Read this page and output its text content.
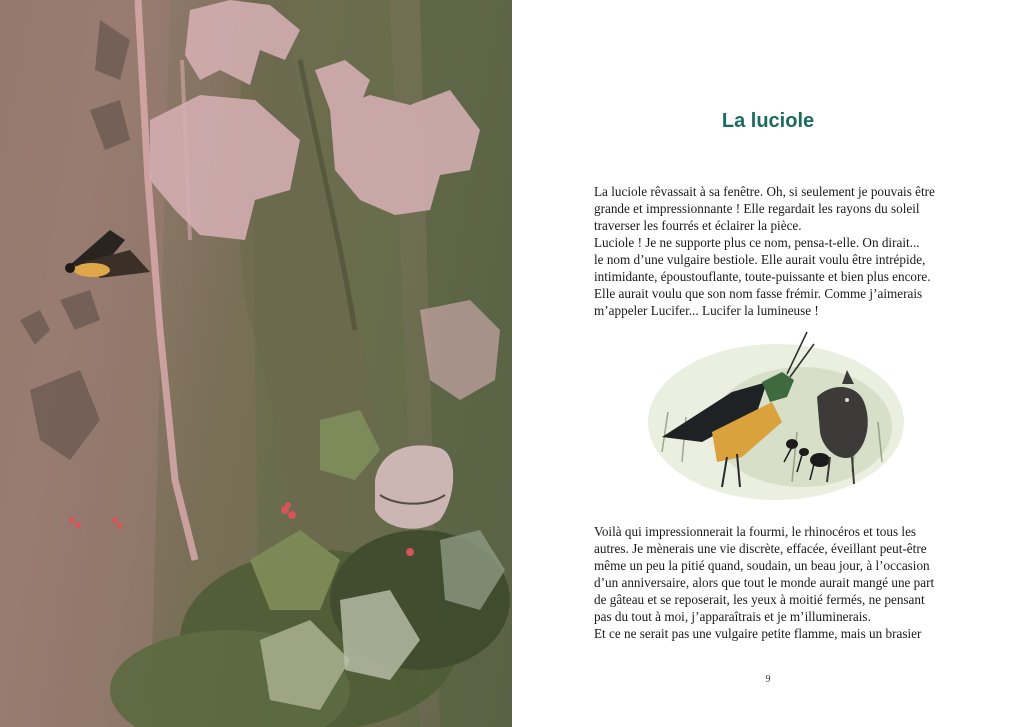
La luciole

La luciole rêvassait à sa fenêtre. Oh, si seulement je pouvais être
grande et impressionnante ! Elle regardait les rayons du soleil
traverser les fourrés et éclairer la pièce.
Luciole ! Je ne supporte plus ce nom, pensa-t-elle. On dirait...
le nom d’une vulgaire bestiole. Elle aurait voulu être intrépide,
intimidante, époustouflante, toute-puissante et bien plus encore.
Elle aurait voulu que son nom fasse frémir. Comme j’aimerais
m’appeler Lucifer... Lucifer la lumineuse !

Voilà qui impressionnerait la fourmi, le rhinocéros et tous les
autres. Je mènerais une vie discrète, effacée, éveillant peut-être
même un peu la pitié quand, soudain, un beau jour, à l’occasion
d’un anniversaire, alors que tout le monde aurait mangé une part
de gâteau et se reposerait, les yeux à moitié fermés, ne pensant
pas du tout à moi, j’apparaîtrais et je m’illuminerais.
Et ce ne serait pas une vulgaire petite flamme, mais un brasier

9
